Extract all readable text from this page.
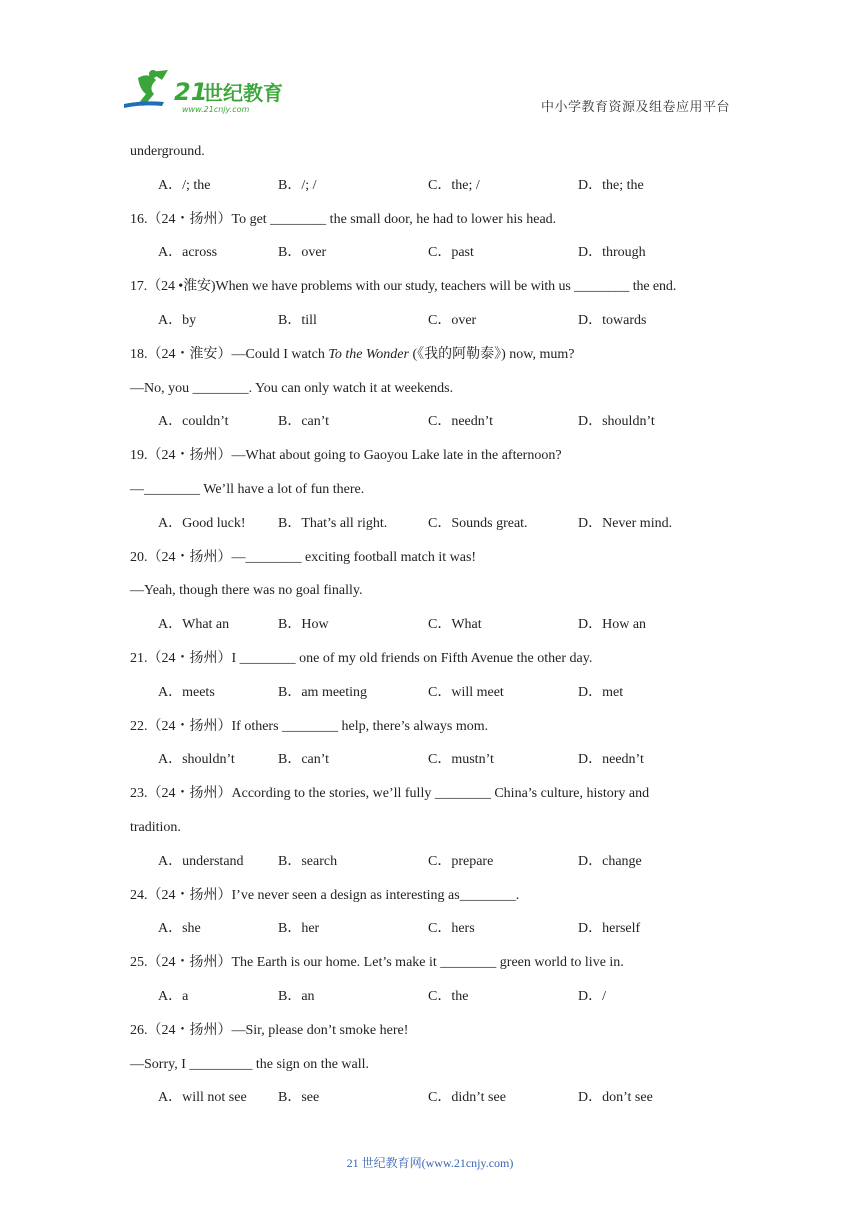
21
世纪教育
www.21cnjy.com	中小学教育资源及组卷应用平台
underground.
A．/; the	B．/; /	C．the; /	D．the; the
16.（24・扬州）To get ________ the small door, he had to lower his head.
A．across	B．over	C．past	D．through
17.（24 •淮安)When we have problems with our study, teachers will be with us ________ the end.
A．by	B．till	C．over	D．towards
18.（24・淮安）—Could I watch To the Wonder (《我的阿勒泰》) now, mum?
—No, you ________. You can only watch it at weekends.
A．couldn’t	B．can’t	C．needn’t	D．shouldn’t
19.（24・扬州）—What about going to Gaoyou Lake late in the afternoon?
—________ We’ll have a lot of fun there.
A．Good luck! B．That’s all right.	C．Sounds great.	D．Never mind.
20.（24・扬州）—________ exciting football match it was!
—Yeah, though there was no goal finally.
A．What an	B．How	C．What	D．How an
21.（24・扬州）I ________ one of my old friends on Fifth Avenue the other day.
A．meets	B．am meeting	C．will meet	D．met
22.（24・扬州）If others ________ help, there’s always mom.
A．shouldn’t	B．can’t	C．mustn’t	D．needn’t
23.（24・扬州）According to the stories, we’ll fully ________ China’s culture, history and
tradition.
A．understand B．search	C．prepare	D．change
24.（24・扬州）I’ve never seen a design as interesting as________.
A．she	B．her	C．hers	D．herself
25.（24・扬州）The Earth is our home. Let’s make it ________ green world to live in.
A．a	B．an	C．the	D．/
26.（24・扬州）—Sir, please don’t smoke here!
—Sorry, I _________ the sign on the wall.
A．will not see B．see	C．didn’t see	D．don’t see
21 世纪教育网(www.21cnjy.com)
